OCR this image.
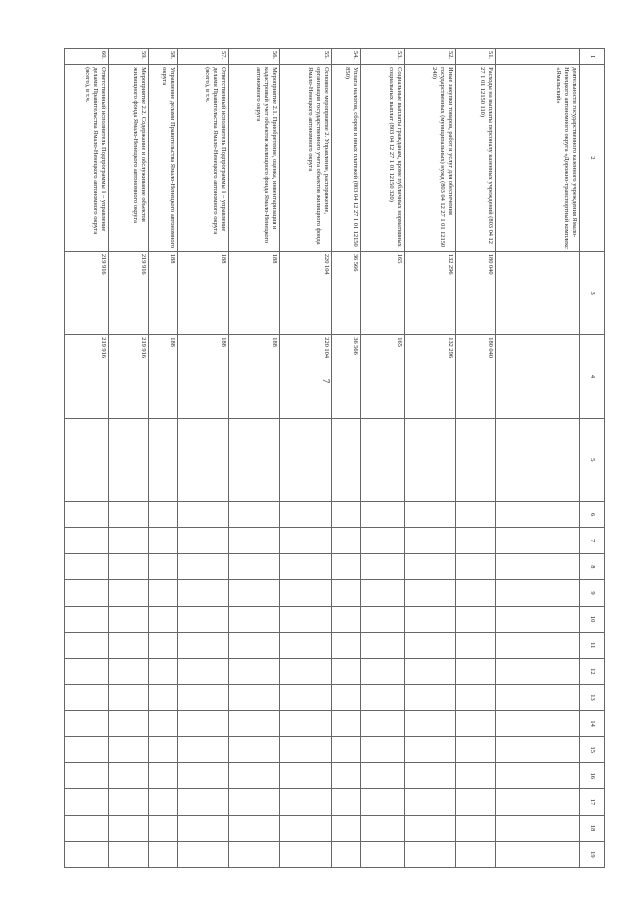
7
1	2	3	4	5	6	7	8	9	10	11	12	13	14	15	16	17	18	19
	деятельности государственного казенного учреждения Ямало-Ненецкого автономного округа «Дорожно-транспортный комплекс «Ямальский»																	
51.	Расходы на выплаты персоналу казенных учреждений (803 04 12 27 1 01 12150 110)	180 040	180 040															
52.	Иные закупки товаров, работ и услуг для обеспечения государственных (муниципальных) нужд (803 04 12 27 1 01 12150 240)	132 296	132 296															
53.	Социальные выплаты гражданам, кроме публичных нормативных социальных выплат (803 04 12 27 1 01 12150 320)	165	165															
54.	Уплата налогов, сборов и иных платежей (803 04 12 27 1 01 12150 850)	36 566	36 566															
55.	Основное мероприятие 2. Управление, распоряжение, организация государственного учета объектов жилищного фонда Ямало-Ненецкого автономного округа	220 104	220 104															
56.	Мероприятие 2.1. Приобретение, оценка, инвентаризация и кадастровый учет объектов жилищного фонда Ямало-Ненецкого автономного округа	188	188															
57.	Ответственный исполнитель Подпрограммы 1 – управление делами Правительства Ямало-Ненецкого автономного округа (всего), в т.ч.	188	188															
58.	Управление делами Правительства Ямало-Ненецкого автономного округа	188	188															
59.	Мероприятие 2.2. Содержание и обслуживание объектов жилищного фонда Ямало-Ненецкого автономного округа	219 916	219 916															
60.	Ответственный исполнитель Подпрограммы 1 – управление делами Правительства Ямало-Ненецкого автономного округа (всего), в т.ч.	219 916	219 916															
